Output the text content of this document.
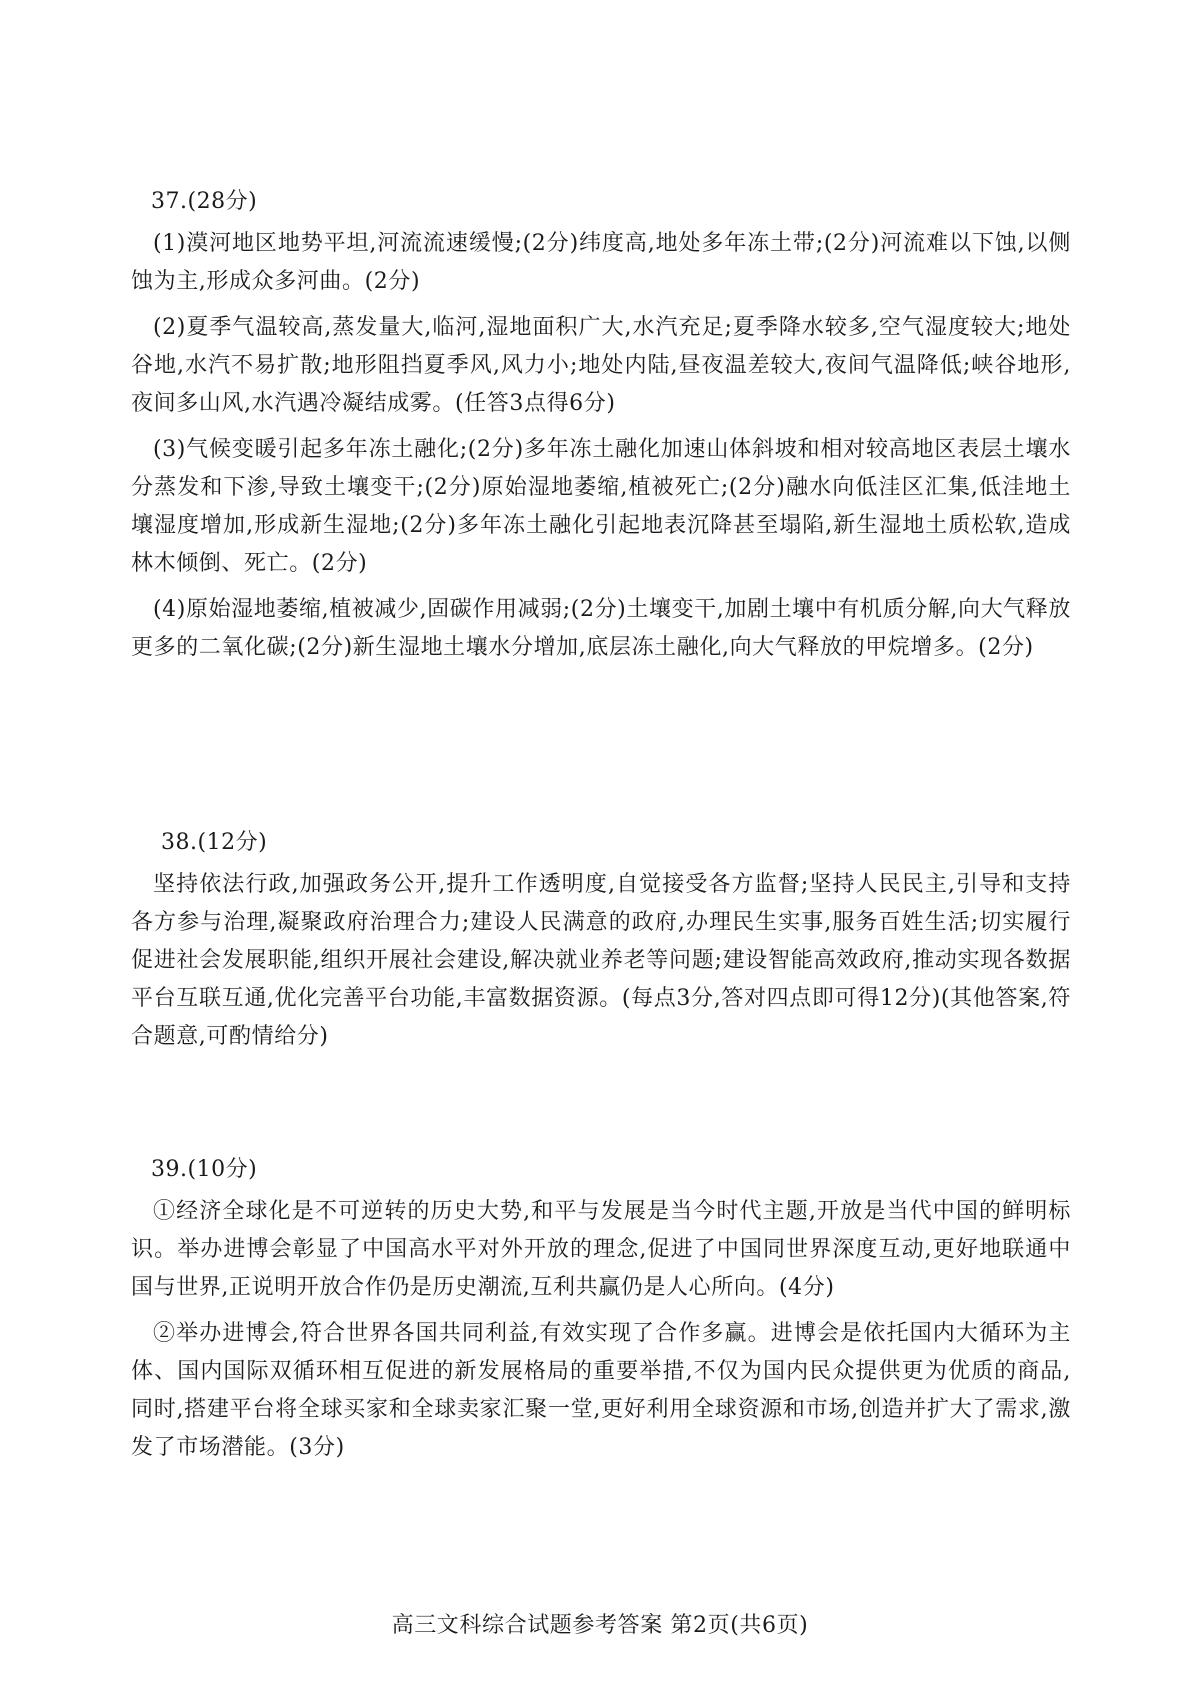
37.(28分)

(1)漠河地区地势平坦,河流流速缓慢;(2分)纬度高,地处多年冻土带;(2分)河流难以下蚀,以侧蚀为主,形成众多河曲。(2分)

(2)夏季气温较高,蒸发量大,临河,湿地面积广大,水汽充足;夏季降水较多,空气湿度较大;地处谷地,水汽不易扩散;地形阻挡夏季风,风力小;地处内陆,昼夜温差较大,夜间气温降低;峡谷地形,夜间多山风,水汽遇冷凝结成雾。(任答3点得6分)

(3)气候变暖引起多年冻土融化;(2分)多年冻土融化加速山体斜坡和相对较高地区表层土壤水分蒸发和下渗,导致土壤变干;(2分)原始湿地萎缩,植被死亡;(2分)融水向低洼区汇集,低洼地土壤湿度增加,形成新生湿地;(2分)多年冻土融化引起地表沉降甚至塌陷,新生湿地土质松软,造成林木倾倒、死亡。(2分)

(4)原始湿地萎缩,植被减少,固碳作用减弱;(2分)土壤变干,加剧土壤中有机质分解,向大气释放更多的二氧化碳;(2分)新生湿地土壤水分增加,底层冻土融化,向大气释放的甲烷增多。(2分)

38.(12分)

坚持依法行政,加强政务公开,提升工作透明度,自觉接受各方监督;坚持人民民主,引导和支持各方参与治理,凝聚政府治理合力;建设人民满意的政府,办理民生实事,服务百姓生活;切实履行促进社会发展职能,组织开展社会建设,解决就业养老等问题;建设智能高效政府,推动实现各数据平台互联互通,优化完善平台功能,丰富数据资源。(每点3分,答对四点即可得12分)(其他答案,符合题意,可酌情给分)

39.(10分)

①经济全球化是不可逆转的历史大势,和平与发展是当今时代主题,开放是当代中国的鲜明标识。举办进博会彰显了中国高水平对外开放的理念,促进了中国同世界深度互动,更好地联通中国与世界,正说明开放合作仍是历史潮流,互利共赢仍是人心所向。(4分)

②举办进博会,符合世界各国共同利益,有效实现了合作多赢。进博会是依托国内大循环为主体、国内国际双循环相互促进的新发展格局的重要举措,不仅为国内民众提供更为优质的商品,同时,搭建平台将全球买家和全球卖家汇聚一堂,更好利用全球资源和市场,创造并扩大了需求,激发了市场潜能。(3分)

高三文科综合试题参考答案 第2页(共6页)
